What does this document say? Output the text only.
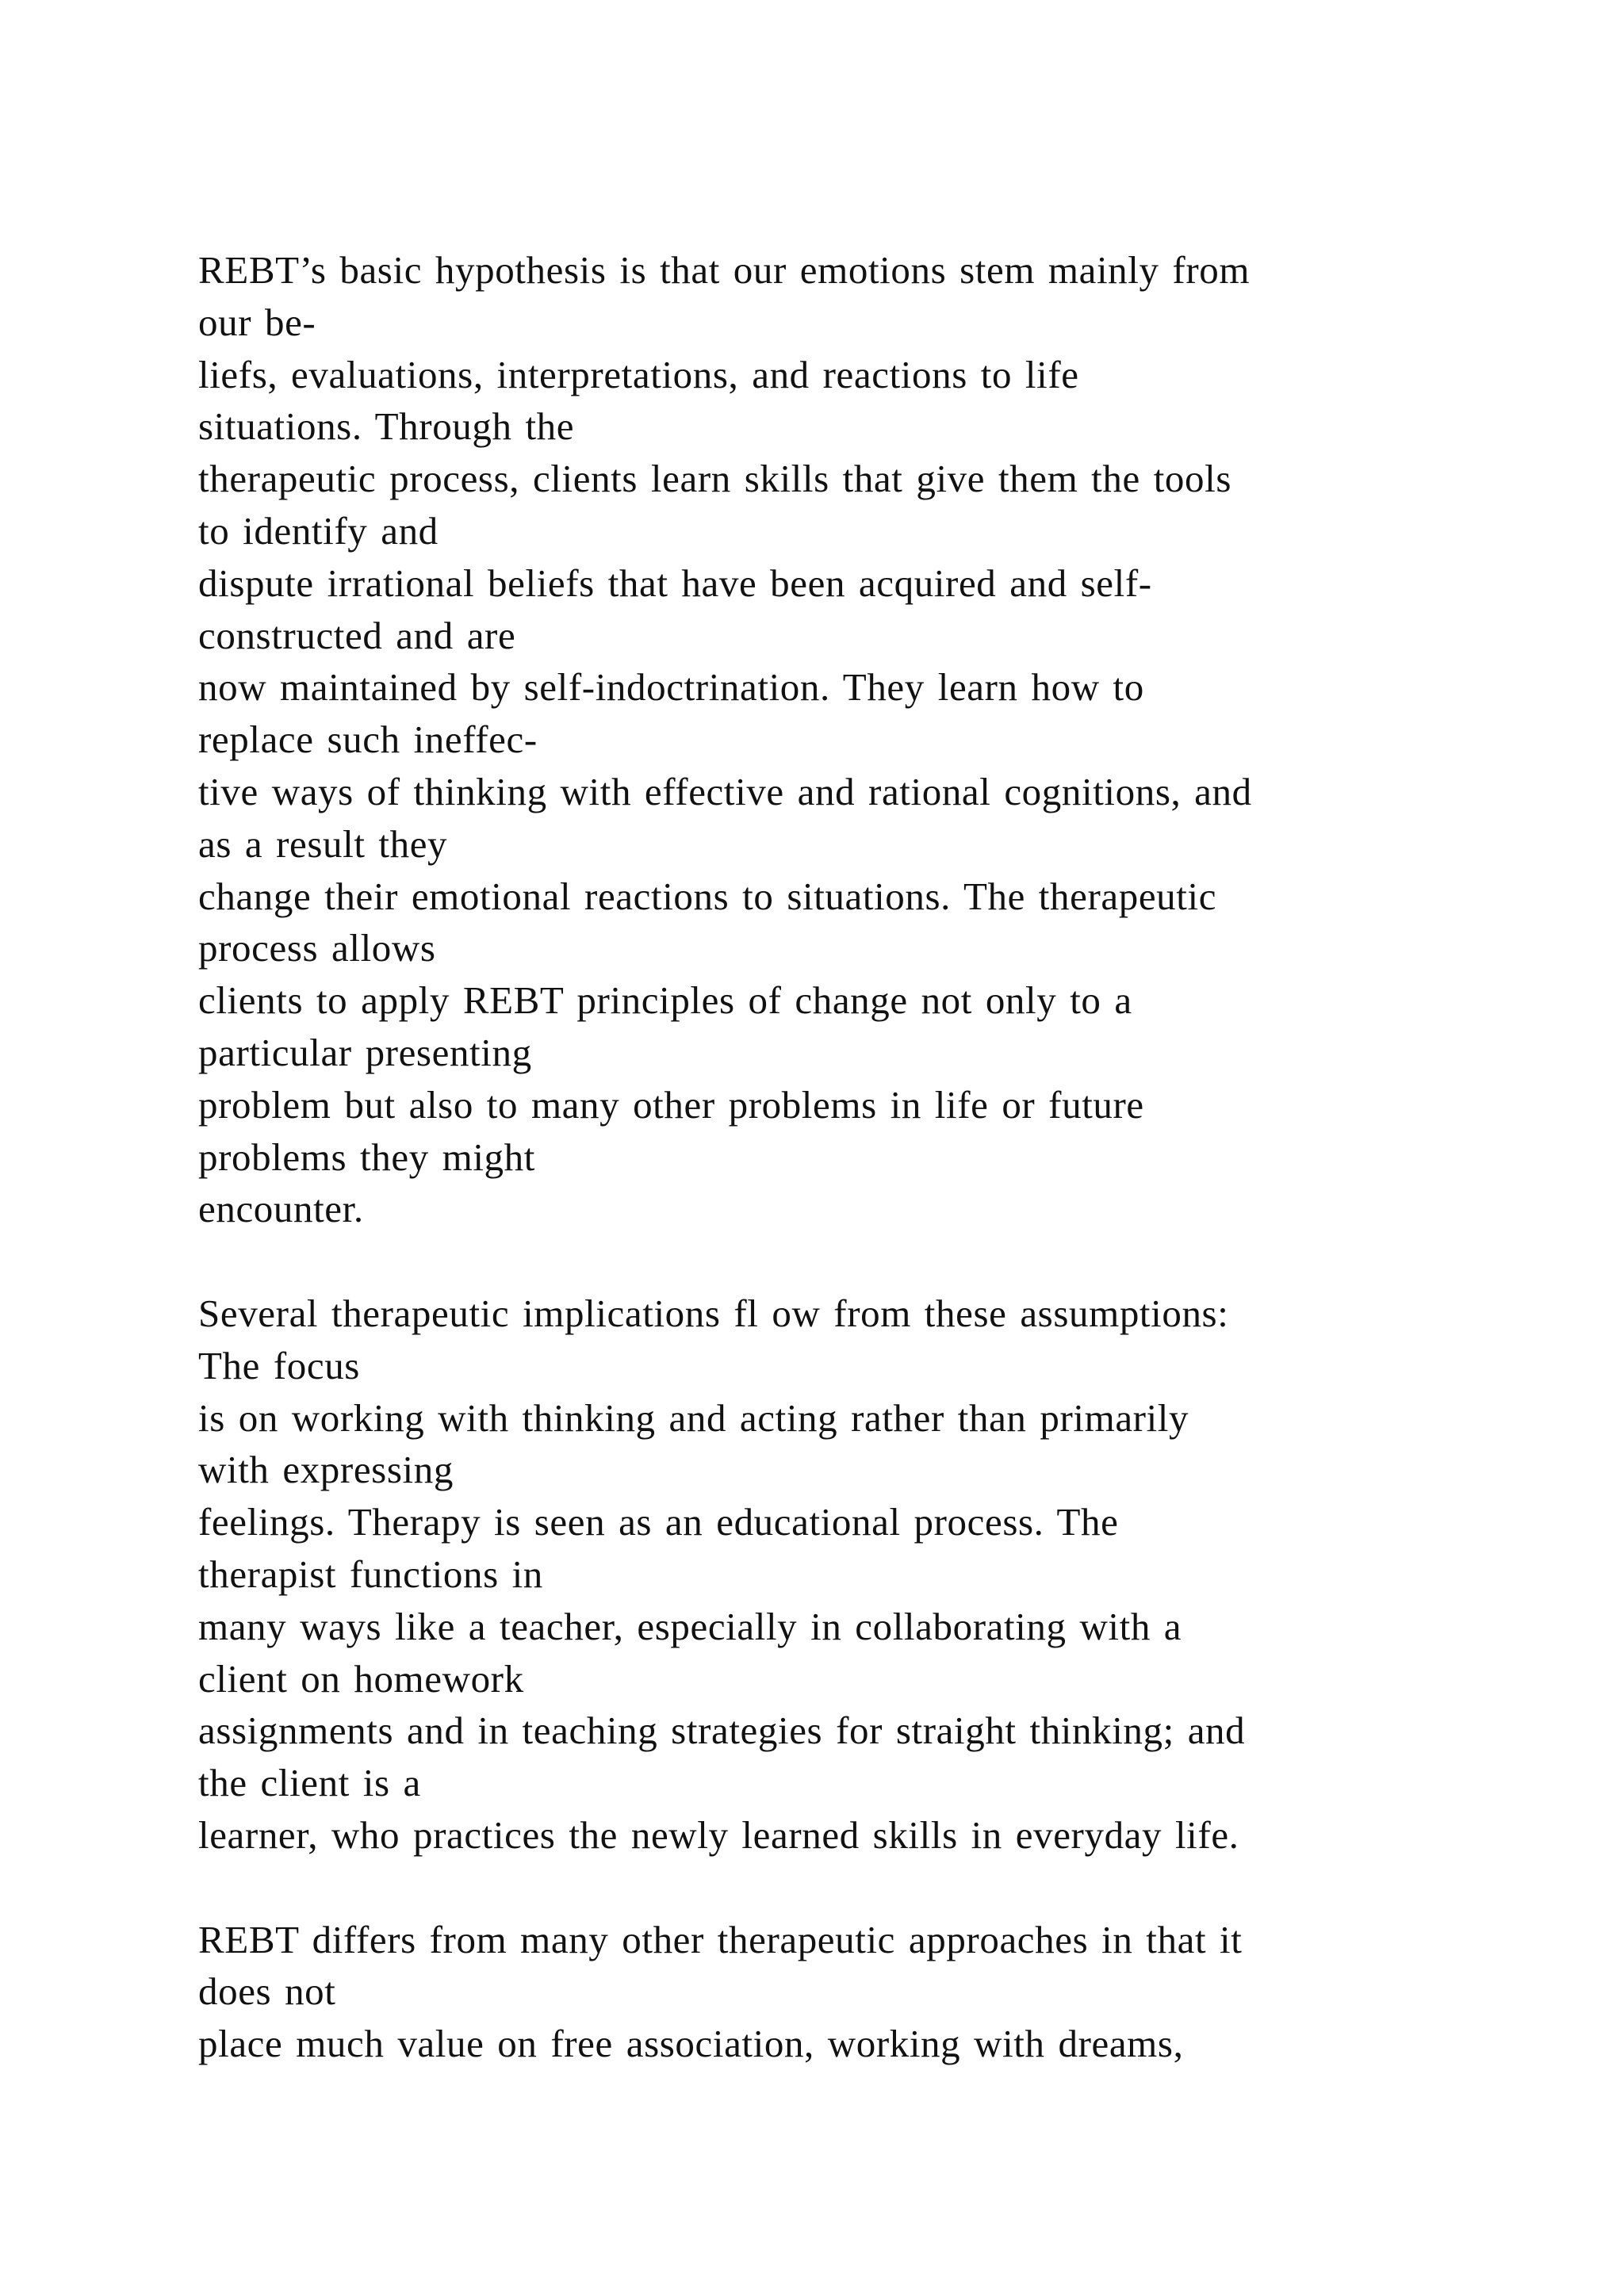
REBT’s basic hypothesis is that our emotions stem mainly from
our be-
liefs, evaluations, interpretations, and reactions to life
situations. Through the
therapeutic process, clients learn skills that give them the tools
to identify and
dispute irrational beliefs that have been acquired and self-
constructed and are
now maintained by self-indoctrination. They learn how to
replace such ineffec-
tive ways of thinking with effective and rational cognitions, and
as a result they
change their emotional reactions to situations. The therapeutic
process allows
clients to apply REBT principles of change not only to a
particular presenting
problem but also to many other problems in life or future
problems they might
encounter.

Several therapeutic implications fl ow from these assumptions:
The focus
is on working with thinking and acting rather than primarily
with expressing
feelings. Therapy is seen as an educational process. The
therapist functions in
many ways like a teacher, especially in collaborating with a
client on homework
assignments and in teaching strategies for straight thinking; and
the client is a
learner, who practices the newly learned skills in everyday life.

REBT differs from many other therapeutic approaches in that it
does not
place much value on free association, working with dreams,
